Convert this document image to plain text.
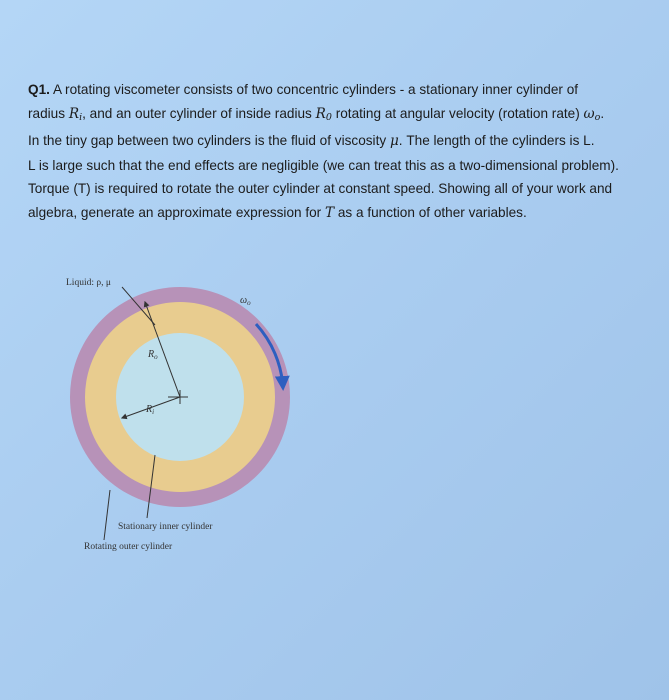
Q1. A rotating viscometer consists of two concentric cylinders - a stationary inner cylinder of

radius $R_i$, and an outer cylinder of inside radius $R_0$ rotating at angular velocity (rotation rate) $\omega_o$.

In the tiny gap between two cylinders is the fluid of viscosity μ. The length of the cylinders is L.

L is large such that the end effects are negligible (we can treat this as a two-dimensional problem).

Torque (T) is required to rotate the outer cylinder at constant speed. Showing all of your work and

algebra, generate an approximate expression for T as a function of other variables.

Liquid: ρ, μ
$\omega_o$
$R_o$
$R_i$
Stationary inner cylinder
Rotating outer cylinder
